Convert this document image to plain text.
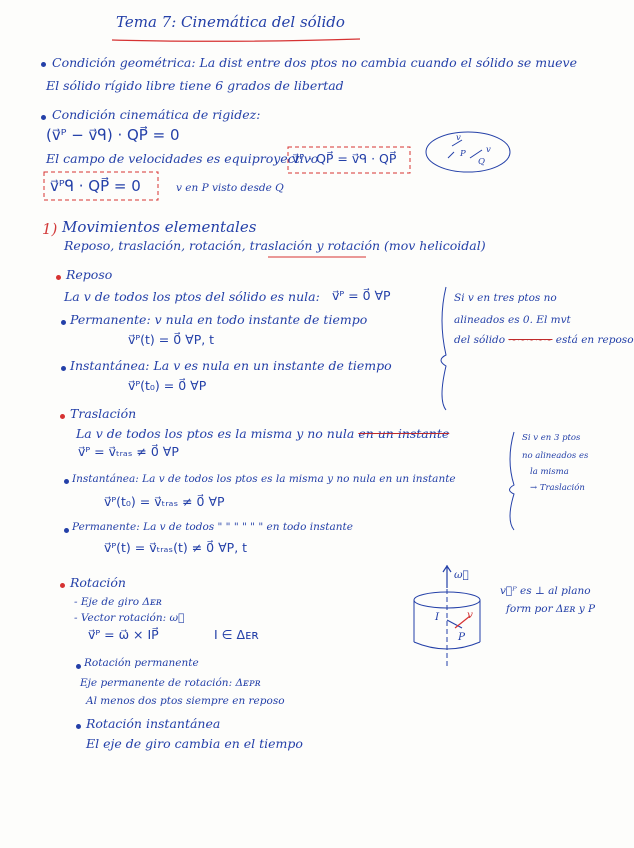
Tema 7: Cinemática del sólido
Condición geométrica: La dist entre dos ptos no cambia cuando el sólido se mueve
El sólido rígido libre tiene 6 grados de libertad
Condición cinemática de rigidez:
(v⃗ᴾ − v⃗ᑫ) · QP⃗ = 0
El campo de velocidades es equiproyectivo
v⃗ᴾ · QP⃗ = v⃗ᑫ · QP⃗
v⃗ᴾᑫ · QP⃗ = 0	v en P visto desde Q
v
P v
Q
1) Movimientos elementales
Reposo, traslación, rotación, traslación y rotación (mov helicoidal)
Reposo
La v de todos los ptos del sólido es nula: v⃗ᴾ = 0⃗ ∀P
Permanente: v nula en todo instante de tiempo
v⃗ᴾ(t) = 0⃗ ∀P, t
Instantánea: La v es nula en un instante de tiempo
v⃗ᴾ(t₀) = 0⃗ ∀P
Si v en tres ptos no
alineados es 0. El mvt
del sólido ~~~~~ está en reposo
Traslación
La v de todos los ptos es la misma y no nula en un instante
v⃗ᴾ = v⃗ₜᵣₐₛ ≠ 0⃗ ∀P
Instantánea: La v de todos los ptos es la misma y no nula en un instante
v⃗ᴾ(t₀) = v⃗ₜᵣₐₛ ≠ 0⃗ ∀P
Permanente: La v de todos " " " " " " en todo instante
v⃗ᴾ(t) = v⃗ₜᵣₐₛ(t) ≠ 0⃗ ∀P, t
Si v en 3 ptos
no alineados es
la misma
→ Traslación
Rotación
- Eje de giro Δᴇʀ
- Vector rotación: ω⃗
v⃗ᴾ = ω⃗ × IP⃗	I ∈ Δᴇʀ
ω⃗
I	v
P
v⃗ᴾ es ⊥ al plano
form por Δᴇʀ y P
Rotación permanente
Eje permanente de rotación: Δᴇᴘʀ
Al menos dos ptos siempre en reposo
Rotación instantánea
El eje de giro cambia en el tiempo
